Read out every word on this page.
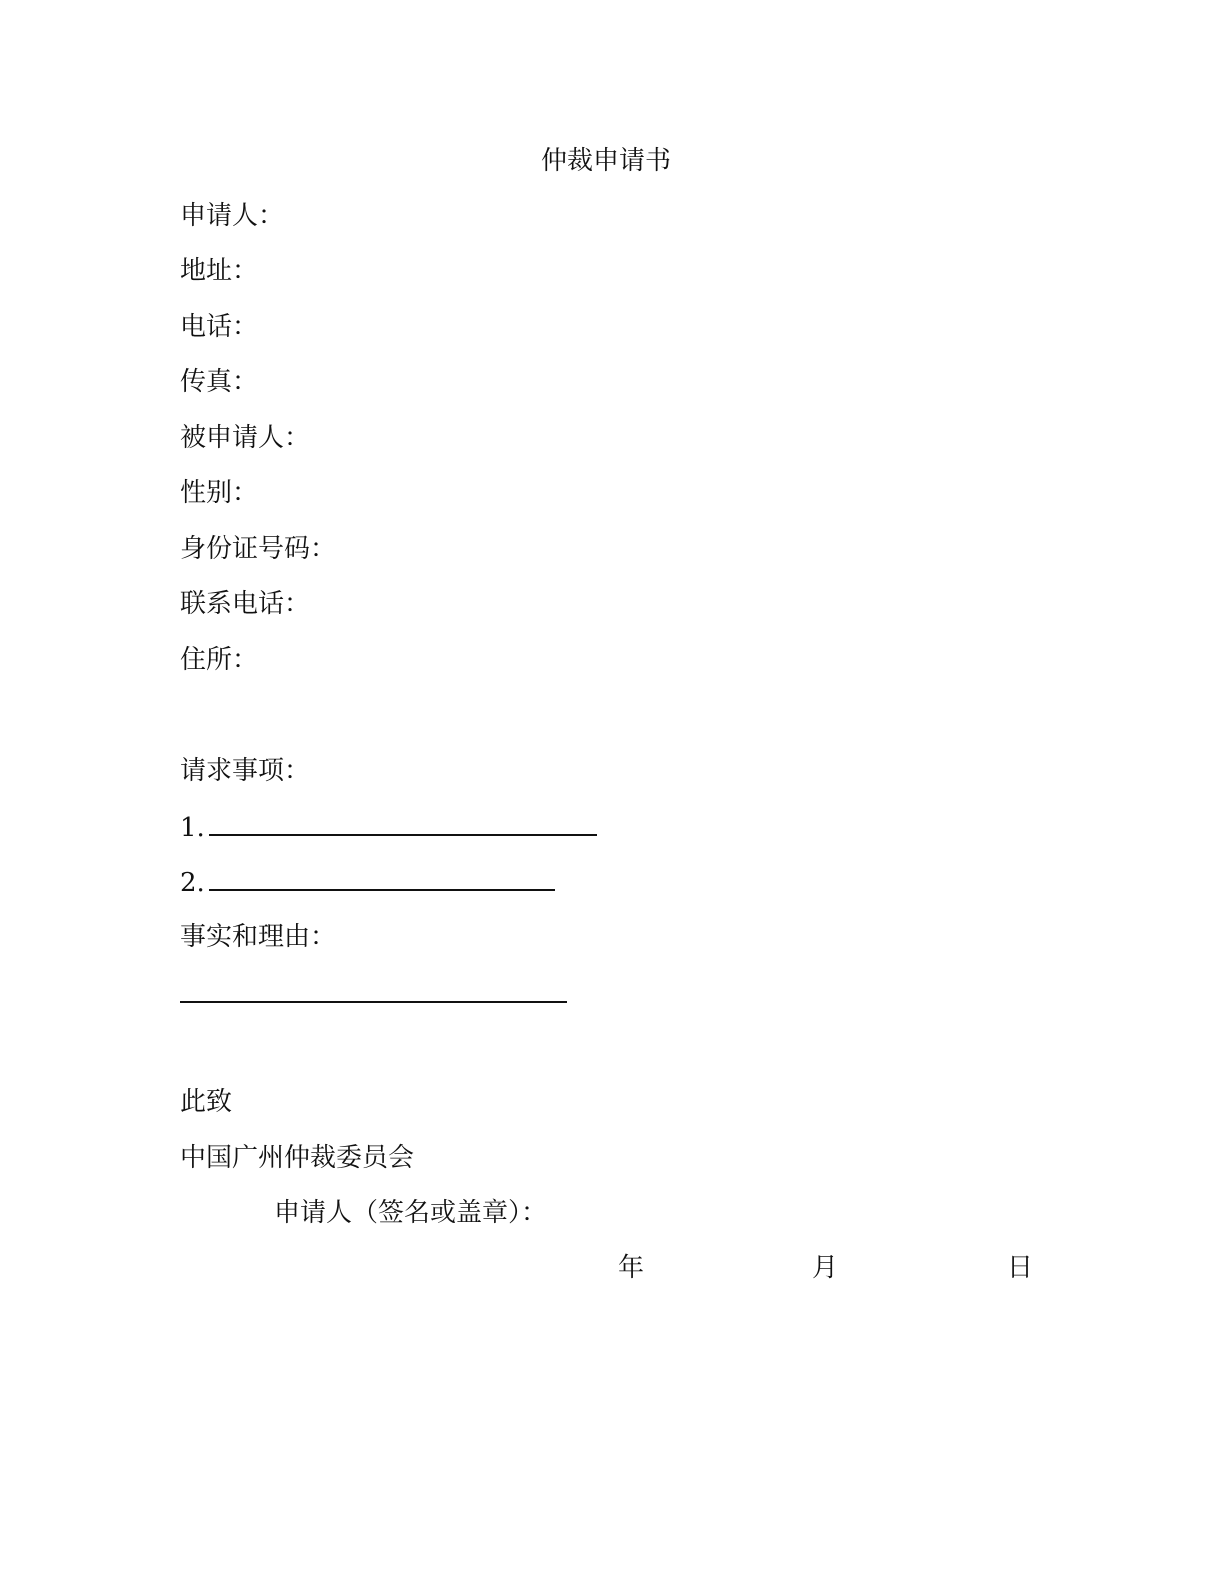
仲裁申请书
申请人：
地址：
电话：
传真：
被申请人：
性别：
身份证号码：
联系电话：
住所：
请求事项：
1.
2.
事实和理由：
此致
中国广州仲裁委员会
申请人（签名或盖章）：
年	月	日
